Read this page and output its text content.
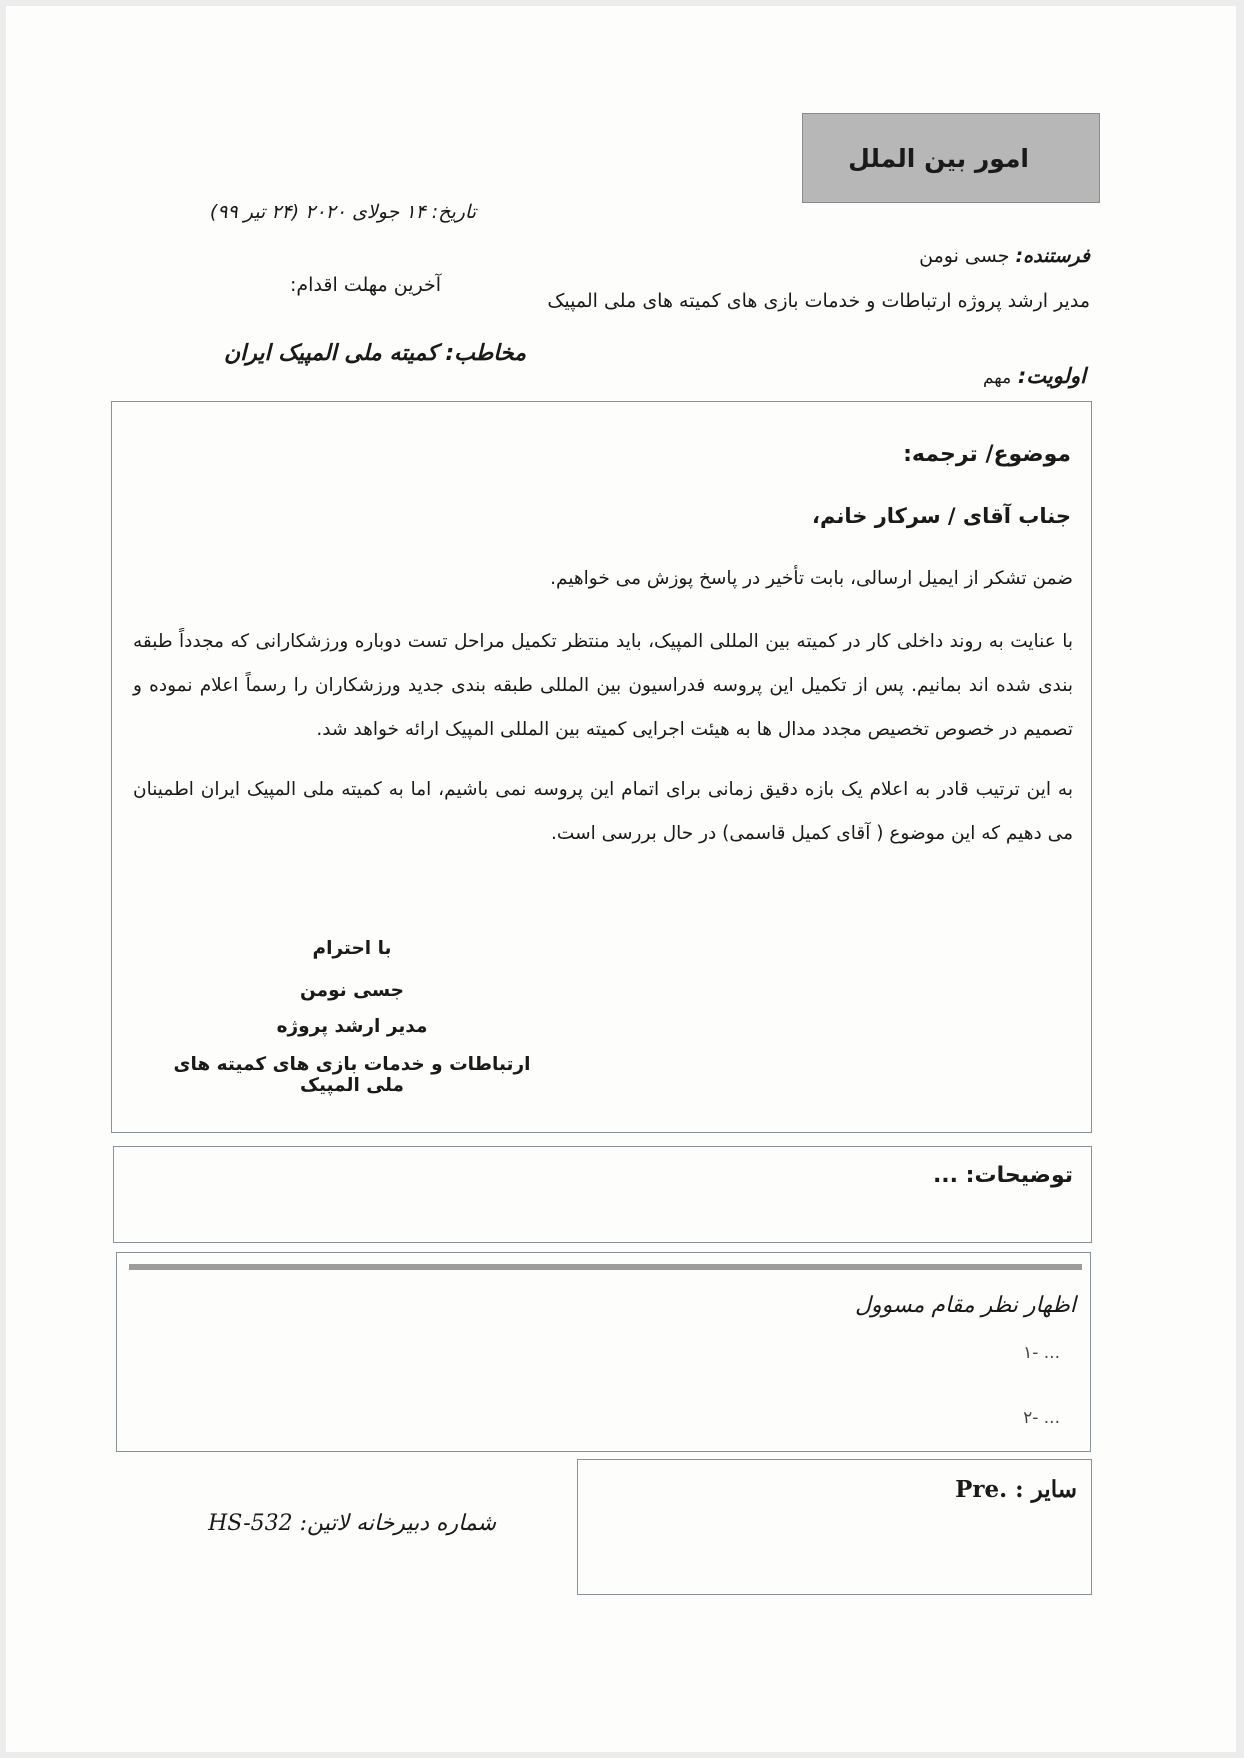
امور بین الملل
تاریخ: ۱۴ جولای ۲۰۲۰ (۲۴ تیر ۹۹)
فرستنده: جسی نومن
مدیر ارشد پروژه ارتباطات و خدمات بازی های کمیته های ملی المپیک
آخرین مهلت اقدام:
مخاطب: کمیته ملی المپیک ایران
اولویت: مهم
موضوع/ ترجمه:
جناب آقای / سرکار خانم،
ضمن تشکر از ایمیل ارسالی، بابت تأخیر در پاسخ پوزش می خواهیم.
با عنایت به روند داخلی کار در کمیته بین المللی المپیک، باید منتظر تکمیل مراحل تست دوباره ورزشکارانی که مجدداً طبقه بندی شده اند بمانیم. پس از تکمیل این پروسه فدراسیون بین المللی طبقه بندی جدید ورزشکاران را رسماً اعلام نموده و تصمیم در خصوص تخصیص مجدد مدال ها به هیئت اجرایی کمیته بین المللی المپیک ارائه خواهد شد.
به این ترتیب قادر به اعلام یک بازه دقیق زمانی برای اتمام این پروسه نمی باشیم، اما به کمیته ملی المپیک ایران اطمینان می دهیم که این موضوع ( آقای کمیل قاسمی) در حال بررسی است.
با احترام
جسی نومن
مدیر ارشد پروژه
ارتباطات و خدمات بازی های کمیته های ملی المپیک
توضیحات: ...
اظهار نظر مقام مسوول
۱- ...
۲- ...
سایر : .Pre
شماره دبیرخانه لاتین: HS-532
